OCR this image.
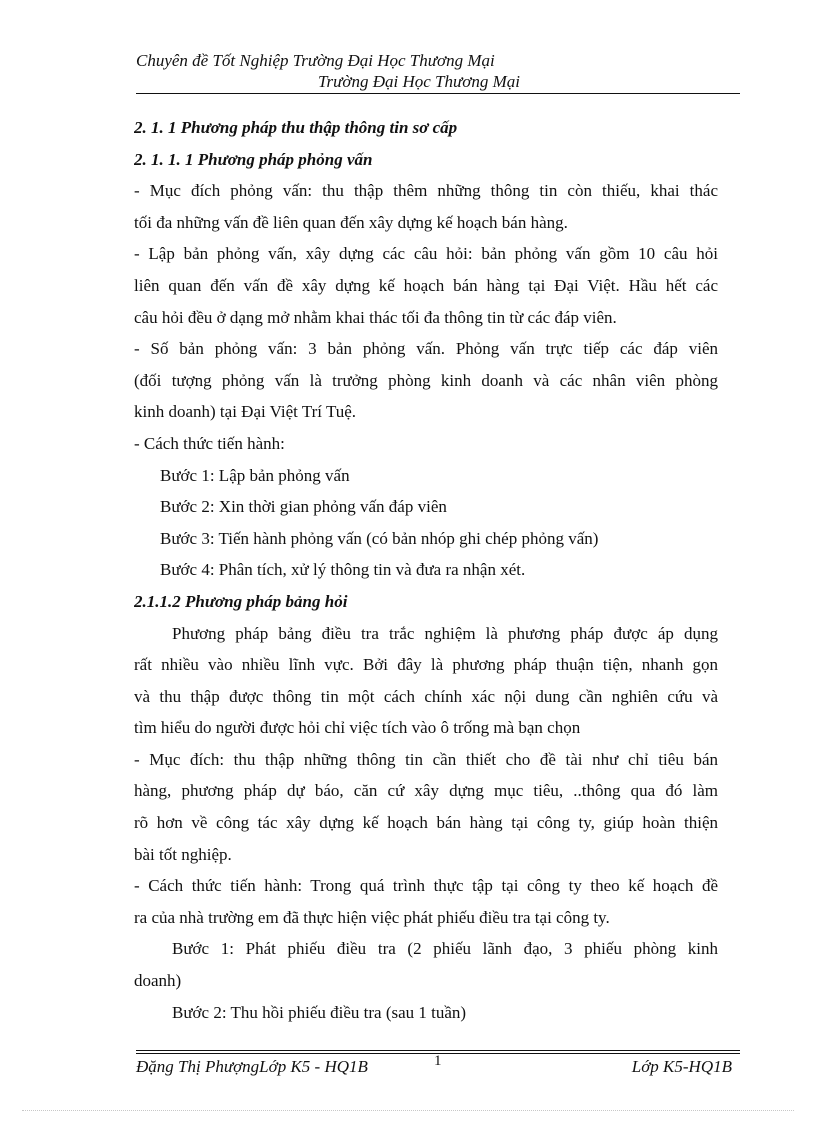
Chuyên đề Tốt Nghiệp Trường Đại Học Thương Mại
Trường Đại Học Thương Mại
2. 1. 1 Phương pháp thu thập thông tin sơ cấp
2. 1. 1. 1 Phương pháp phỏng vấn
- Mục đích phỏng vấn: thu thập thêm những thông tin còn thiếu, khai thác
tối đa những vấn đề liên quan đến xây dựng kế hoạch bán hàng.
- Lập bản phỏng vấn, xây dựng các câu hỏi: bản phỏng vấn gồm 10 câu hỏi
liên quan đến vấn đề xây dựng kế hoạch bán hàng tại Đại Việt. Hầu hết các
câu hỏi đều ở dạng mở nhằm khai thác tối đa thông tin từ các đáp viên.
- Số bản phỏng vấn: 3 bản phỏng vấn. Phỏng vấn trực tiếp các đáp viên
(đối tượng phỏng vấn là trưởng phòng kinh doanh và các nhân viên phòng
kinh doanh) tại Đại Việt Trí Tuệ.
- Cách thức tiến hành:
Bước 1: Lập bản phỏng vấn
Bước 2: Xin thời gian phỏng vấn đáp viên
Bước 3: Tiến hành phỏng vấn (có bản nhóp ghi chép phỏng vấn)
Bước 4: Phân tích, xử lý thông tin và đưa ra nhận xét.
2.1.1.2 Phương pháp bảng hỏi
Phương pháp bảng điều tra trắc nghiệm là phương pháp được áp dụng
rất nhiều vào nhiều lĩnh vực. Bởi đây là phương pháp thuận tiện, nhanh gọn
và thu thập được thông tin một cách chính xác nội dung cần nghiên cứu và
tìm hiểu do người được hỏi chỉ việc tích vào ô trống mà bạn chọn
- Mục đích: thu thập những thông tin cần thiết cho đề tài như chỉ tiêu bán
hàng, phương pháp dự báo, căn cứ xây dựng mục tiêu, ..thông qua đó làm
rõ hơn về công tác xây dựng kế hoạch bán hàng tại công ty, giúp hoàn thiện
bài tốt nghiệp.
- Cách thức tiến hành: Trong quá trình thực tập tại công ty theo kế hoạch đề
ra của nhà trường em đã thực hiện việc phát phiếu điều tra tại công ty.
Bước 1: Phát phiếu điều tra (2 phiếu lãnh đạo, 3 phiếu phòng kinh
doanh)
Bước 2: Thu hồi phiếu điều tra (sau 1 tuần)
Đặng Thị PhượngLớp K5 - HQ1B	1	Lớp K5-HQ1B
